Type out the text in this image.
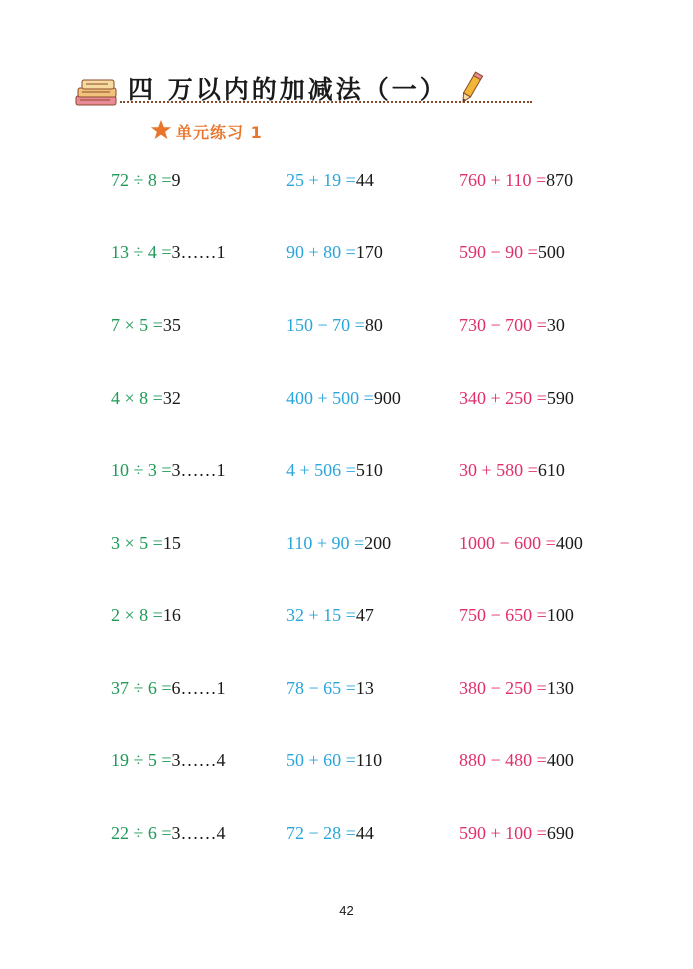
四 万以内的加减法（一）
单元练习 1
72 ÷ 8 =9	25 + 19 =44	760 + 110 =870
13 ÷ 4 =3……1	90 + 80 =170	590 − 90 =500
7 × 5 =35	150 − 70 =80	730 − 700 =30
4 × 8 =32	400 + 500 =900	340 + 250 =590
10 ÷ 3 =3……1	4 + 506 =510	30 + 580 =610
3 × 5 =15	110 + 90 =200	1000 − 600 =400
2 × 8 =16	32 + 15 =47	750 − 650 =100
37 ÷ 6 =6……1	78 − 65 =13	380 − 250 =130
19 ÷ 5 =3……4	50 + 60 =110	880 − 480 =400
22 ÷ 6 =3……4	72 − 28 =44	590 + 100 =690
42
